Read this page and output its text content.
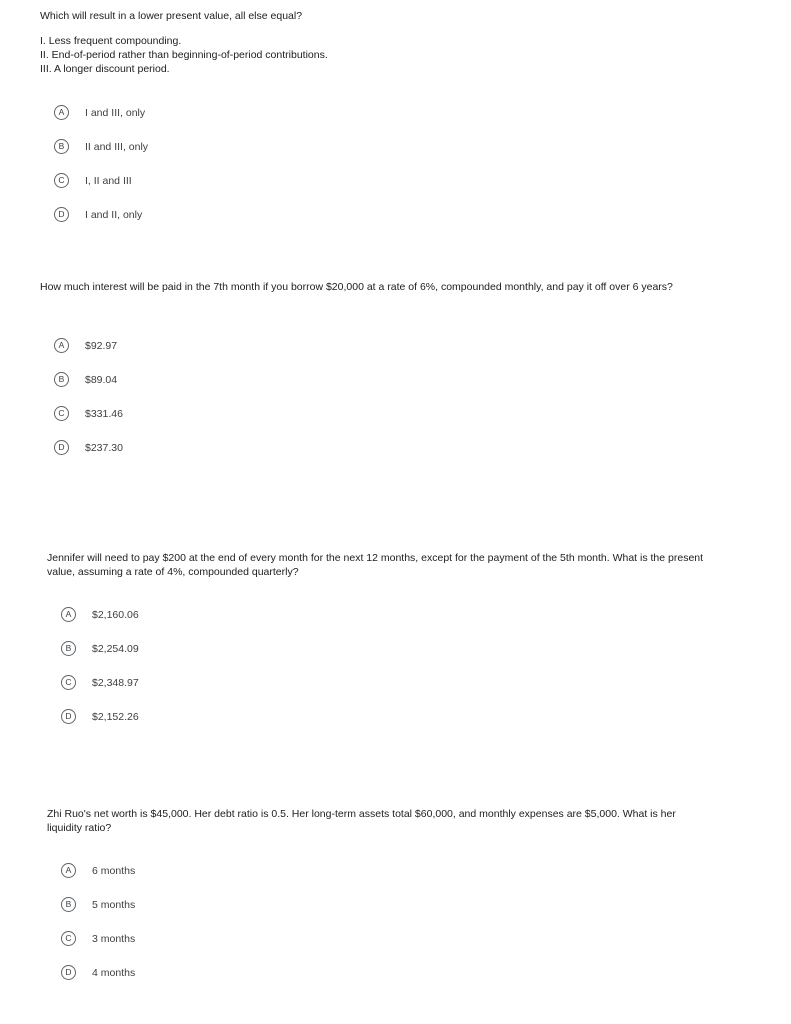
Which will result in a lower present value, all else equal?

I. Less frequent compounding.
II. End-of-period rather than beginning-of-period contributions.
III. A longer discount period.
A	I and III, only
B	II and III, only
C	I, II and III
D	I and II, only

How much interest will be paid in the 7th month if you borrow $20,000 at a rate of 6%, compounded monthly, and pay it off over 6 years?

A	$92.97
B	$89.04
C	$331.46
D	$237.30

Jennifer will need to pay $200 at the end of every month for the next 12 months, except for the payment of the 5th month. What is the present value, assuming a rate of 4%, compounded quarterly?

A	$2,160.06
B	$2,254.09
C	$2,348.97
D	$2,152.26

Zhi Ruo's net worth is $45,000. Her debt ratio is 0.5. Her long-term assets total $60,000, and monthly expenses are $5,000. What is her liquidity ratio?

A	6 months
B	5 months
C	3 months
D	4 months
